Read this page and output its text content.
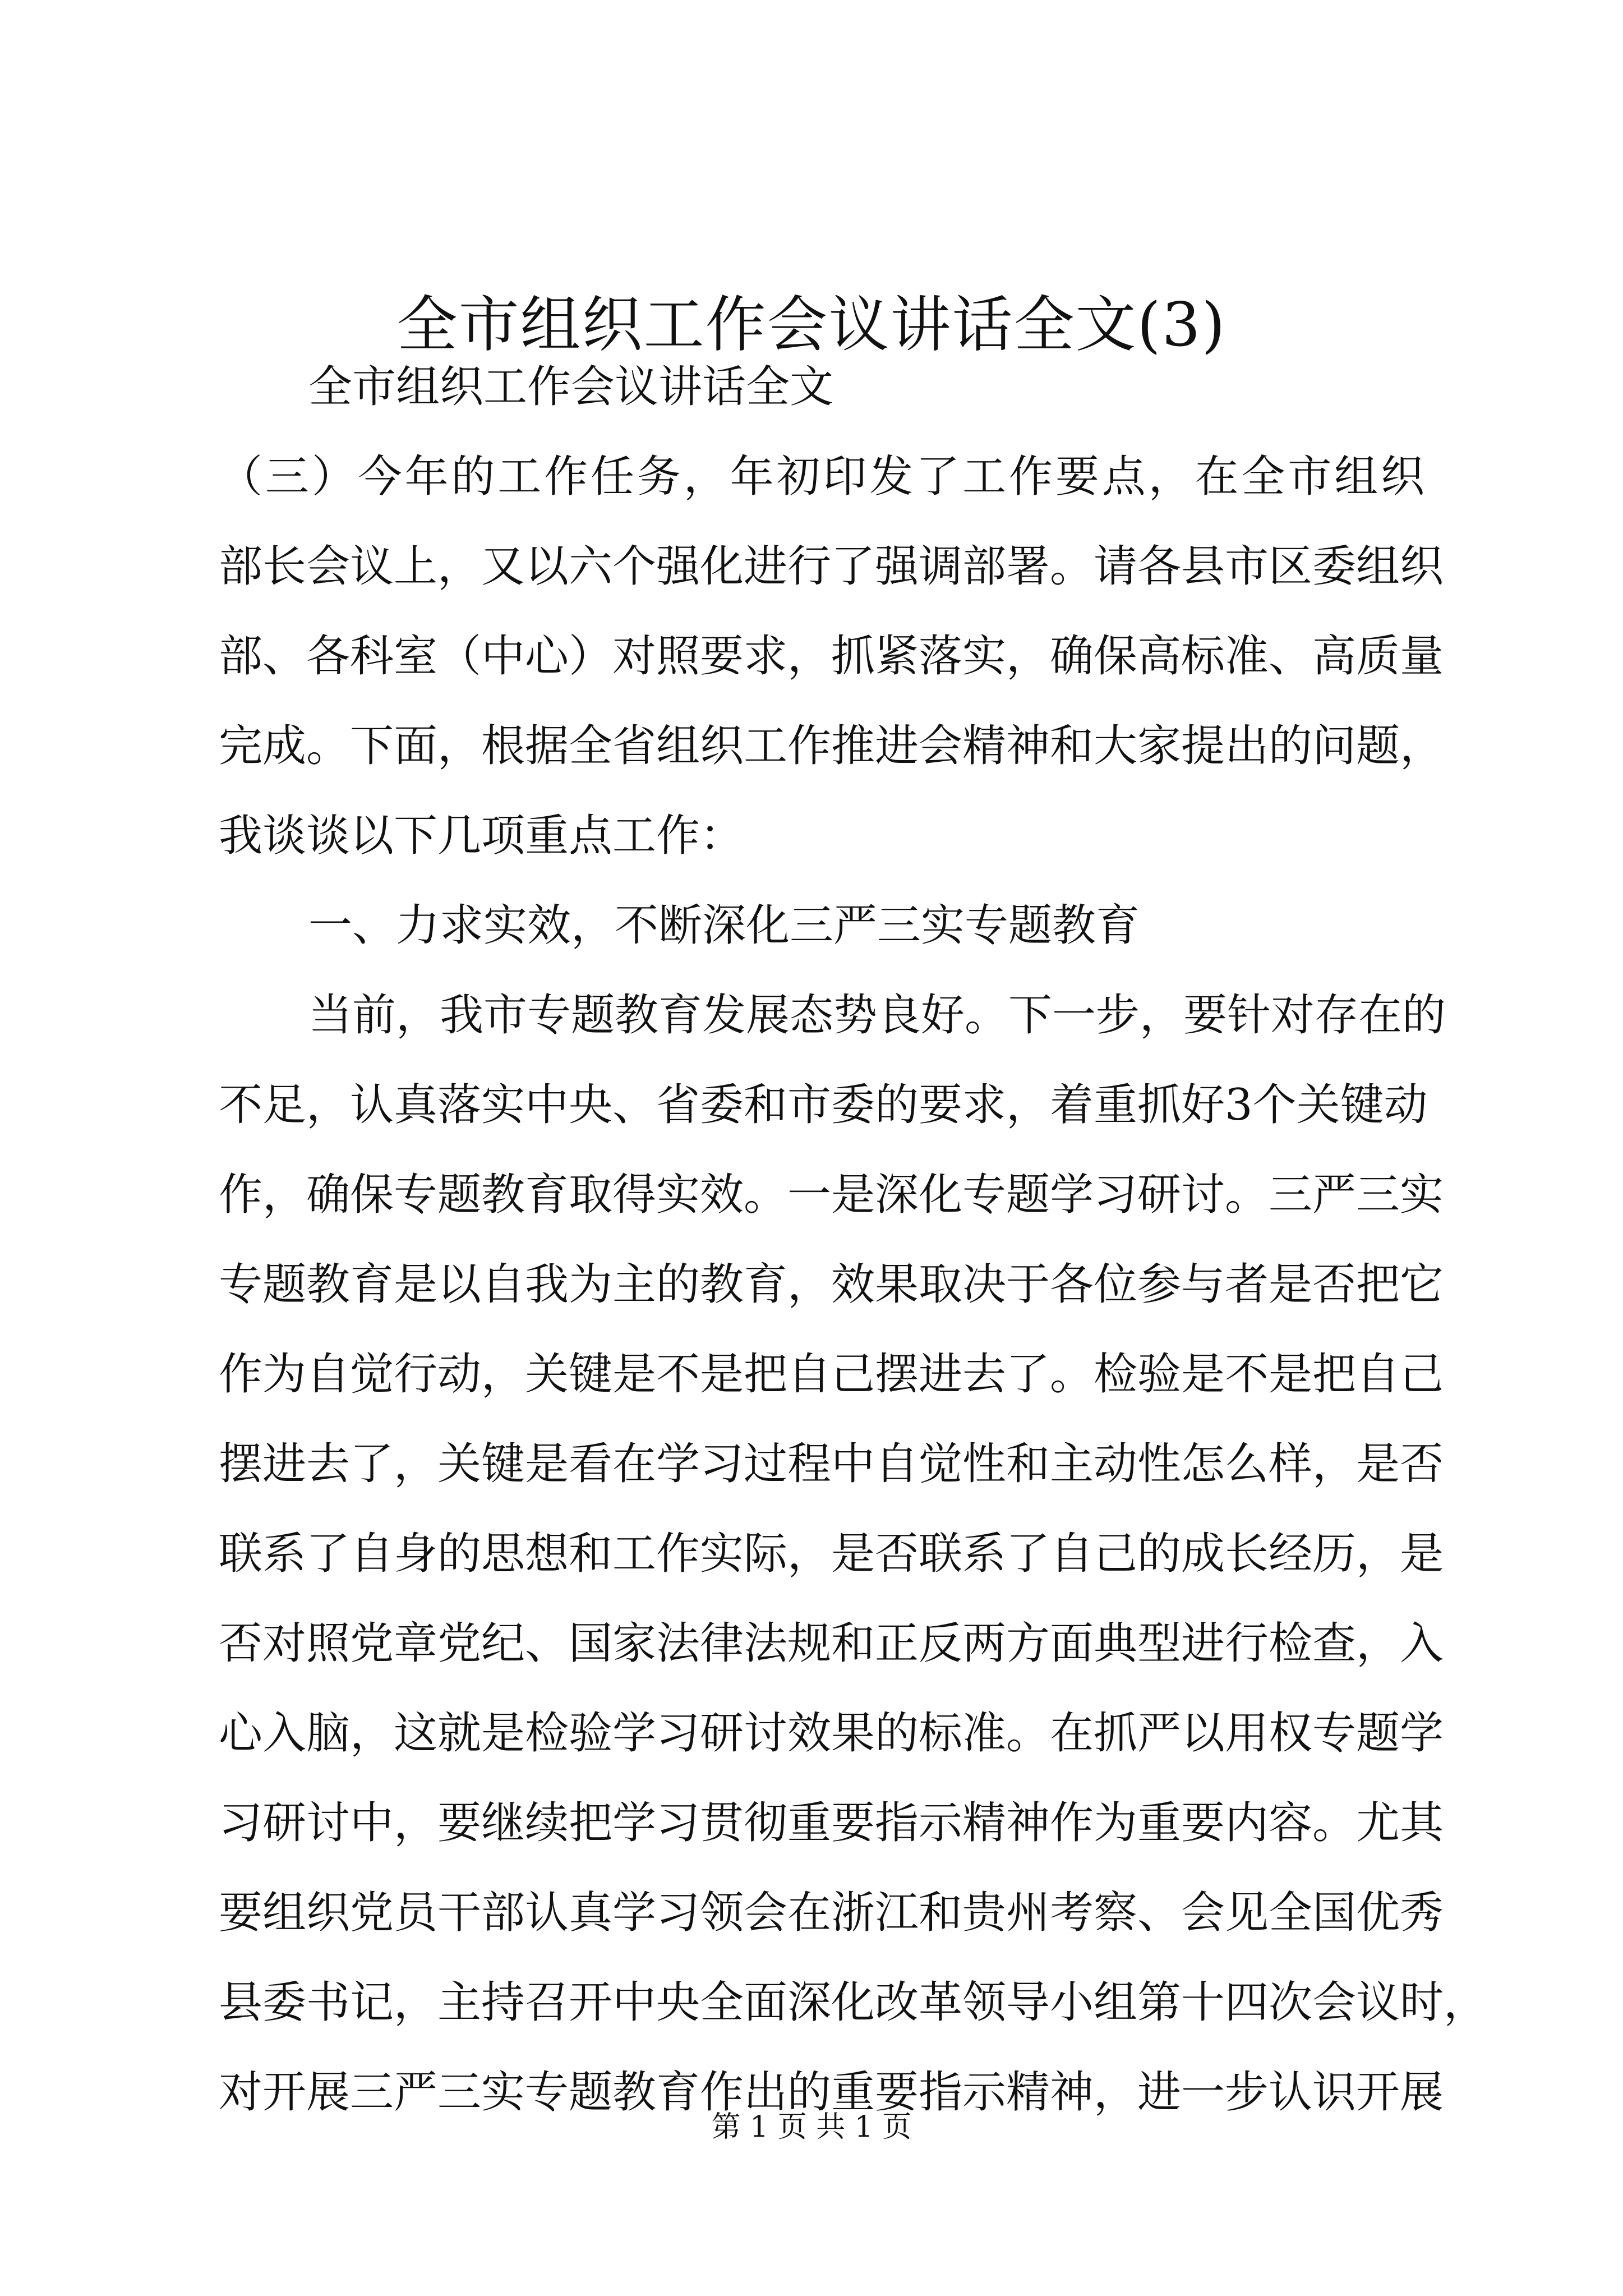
全市组织工作会议讲话全文(3)
全市组织工作会议讲话全文
（三）今年的工作任务，年初印发了工作要点，在全市组织
部长会议上，又以六个强化进行了强调部署。请各县市区委组织
部、各科室（中心）对照要求，抓紧落实，确保高标准、高质量
完成。下面，根据全省组织工作推进会精神和大家提出的问题，
我谈谈以下几项重点工作：
一、力求实效，不断深化三严三实专题教育
当前，我市专题教育发展态势良好。下一步，要针对存在的
不足，认真落实中央、省委和市委的要求，着重抓好3个关键动
作，确保专题教育取得实效。一是深化专题学习研讨。三严三实
专题教育是以自我为主的教育，效果取决于各位参与者是否把它
作为自觉行动，关键是不是把自己摆进去了。检验是不是把自己
摆进去了，关键是看在学习过程中自觉性和主动性怎么样，是否
联系了自身的思想和工作实际，是否联系了自己的成长经历，是
否对照党章党纪、国家法律法规和正反两方面典型进行检查，入
心入脑，这就是检验学习研讨效果的标准。在抓严以用权专题学
习研讨中，要继续把学习贯彻重要指示精神作为重要内容。尤其
要组织党员干部认真学习领会在浙江和贵州考察、会见全国优秀
县委书记，主持召开中央全面深化改革领导小组第十四次会议时，
对开展三严三实专题教育作出的重要指示精神，进一步认识开展
第 1 页 共 1 页
